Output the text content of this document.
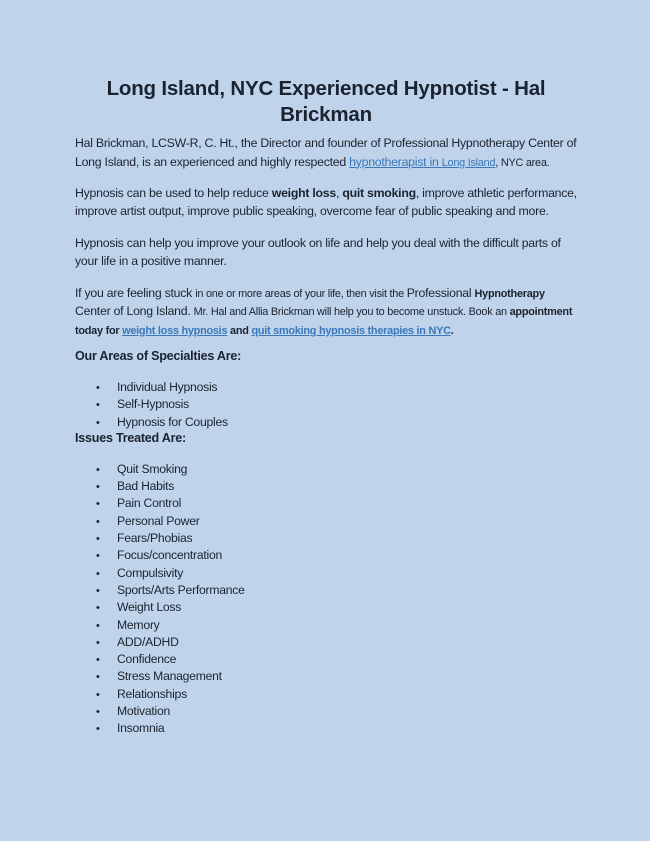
Long Island, NYC Experienced Hypnotist - Hal Brickman

Hal Brickman, LCSW-R, C. Ht., the Director and founder of Professional Hypnotherapy Center of Long Island, is an experienced and highly respected hypnotherapist in Long Island, NYC area.

Hypnosis can be used to help reduce weight loss, quit smoking, improve athletic performance, improve artist output, improve public speaking, overcome fear of public speaking and more.

Hypnosis can help you improve your outlook on life and help you deal with the difficult parts of your life in a positive manner.

If you are feeling stuck in one or more areas of your life, then visit the Professional Hypnotherapy Center of Long Island. Mr. Hal and Allia Brickman will help you to become unstuck. Book an appointment today for weight loss hypnosis and quit smoking hypnosis therapies in NYC.

Our Areas of Specialties Are:
•	Individual Hypnosis
•	Self-Hypnosis
•	Hypnosis for Couples
Issues Treated Are:
•	Quit Smoking
•	Bad Habits
•	Pain Control
•	Personal Power
•	Fears/Phobias
•	Focus/concentration
•	Compulsivity
•	Sports/Arts Performance
•	Weight Loss
•	Memory
•	ADD/ADHD
•	Confidence
•	Stress Management
•	Relationships
•	Motivation
•	Insomnia
